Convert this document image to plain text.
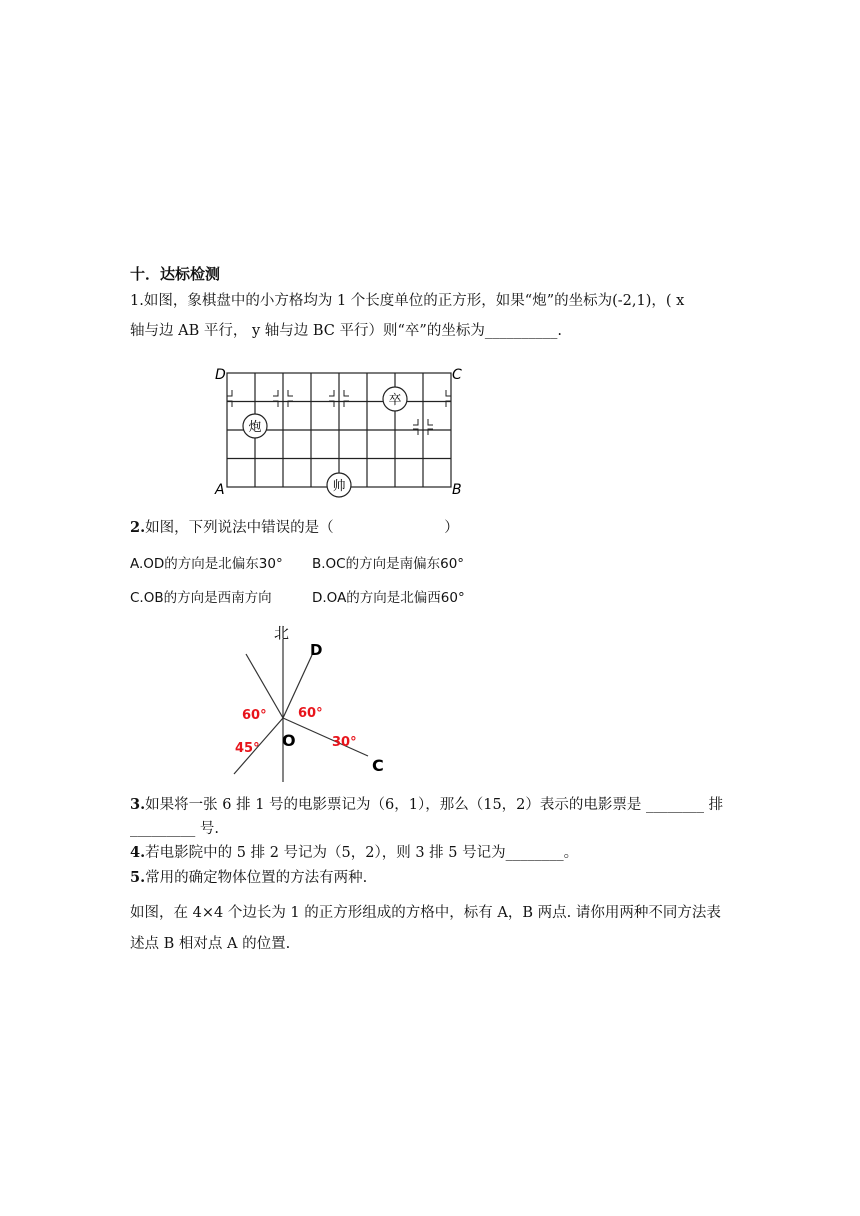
十．达标检测
1.如图，象棋盘中的小方格均为 1 个长度单位的正方形，如果“炮”的坐标为(-2,1)，( x
轴与边 AB 平行， y 轴与边 BC 平行）则“卒”的坐标为__________.
D	C
A	B
卒
炮
帅
2.如图，下列说法中错误的是（                        ）
A.OD的方向是北偏东30° B.OC的方向是南偏东60°
C.OB的方向是西南方向	D.OA的方向是北偏西60°
北
D
O
C
60° 60°
45°	30°
3.如果将一张 6 排 1 号的电影票记为（6，1），那么（15，2）表示的电影票是 ________ 排
_________ 号.
4.若电影院中的 5 排 2 号记为（5，2），则 3 排 5 号记为________。
5.常用的确定物体位置的方法有两种.
如图，在 4×4 个边长为 1 的正方形组成的方格中，标有 A，B 两点. 请你用两种不同方法表
述点 B 相对点 A 的位置.
